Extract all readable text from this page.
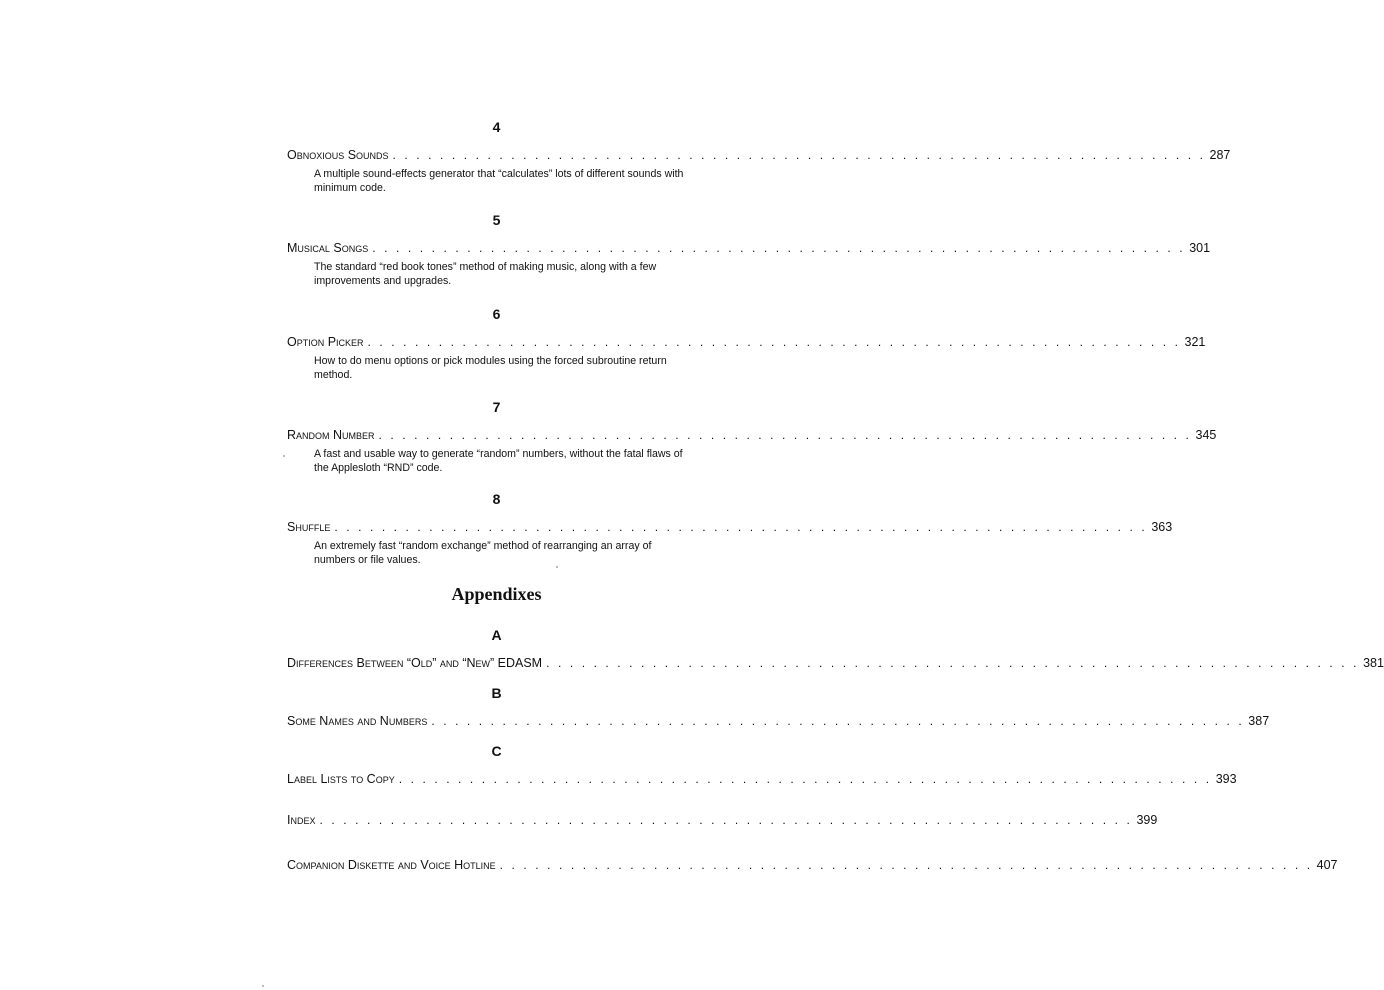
4
Obnoxious Sounds . . . . . . . . . . . . . . . . . . . . . . . . . . . . . . . . . . . . . . . . . . . . . . . . . . . . . . . . . . . . . . . . . . . . . 287
A multiple sound-effects generator that “calculates” lots of different sounds with minimum code.
5
Musical Songs . . . . . . . . . . . . . . . . . . . . . . . . . . . . . . . . . . . . . . . . . . . . . . . . . . . . . . . . . . . . . . . . . . . . . 301
The standard “red book tones” method of making music, along with a few improvements and upgrades.
6
Option Picker . . . . . . . . . . . . . . . . . . . . . . . . . . . . . . . . . . . . . . . . . . . . . . . . . . . . . . . . . . . . . . . . . . . . . 321
How to do menu options or pick modules using the forced subroutine return method.
7
Random Number . . . . . . . . . . . . . . . . . . . . . . . . . . . . . . . . . . . . . . . . . . . . . . . . . . . . . . . . . . . . . . . . . . . . . 345
A fast and usable way to generate “random” numbers, without the fatal flaws of the Applesloth “RND” code.
8
Shuffle . . . . . . . . . . . . . . . . . . . . . . . . . . . . . . . . . . . . . . . . . . . . . . . . . . . . . . . . . . . . . . . . . . . . . 363
An extremely fast “random exchange” method of rearranging an array of numbers or file values.
Appendixes
A
Differences Between “Old” and “New” EDASM . . . . . . . . . . . . . . . . . . . . . . . . . . . . . . . . . . . . . . . . . . . . . . . . . . . . . . . . . . . . . . . . . . . . . 381
B
Some Names and Numbers . . . . . . . . . . . . . . . . . . . . . . . . . . . . . . . . . . . . . . . . . . . . . . . . . . . . . . . . . . . . . . . . . . . . . 387
C
Label Lists to Copy . . . . . . . . . . . . . . . . . . . . . . . . . . . . . . . . . . . . . . . . . . . . . . . . . . . . . . . . . . . . . . . . . . . . . 393
Index . . . . . . . . . . . . . . . . . . . . . . . . . . . . . . . . . . . . . . . . . . . . . . . . . . . . . . . . . . . . . . . . . . . . . 399
Companion Diskette and Voice Hotline . . . . . . . . . . . . . . . . . . . . . . . . . . . . . . . . . . . . . . . . . . . . . . . . . . . . . . . . . . . . . . . . . . . . . 407
